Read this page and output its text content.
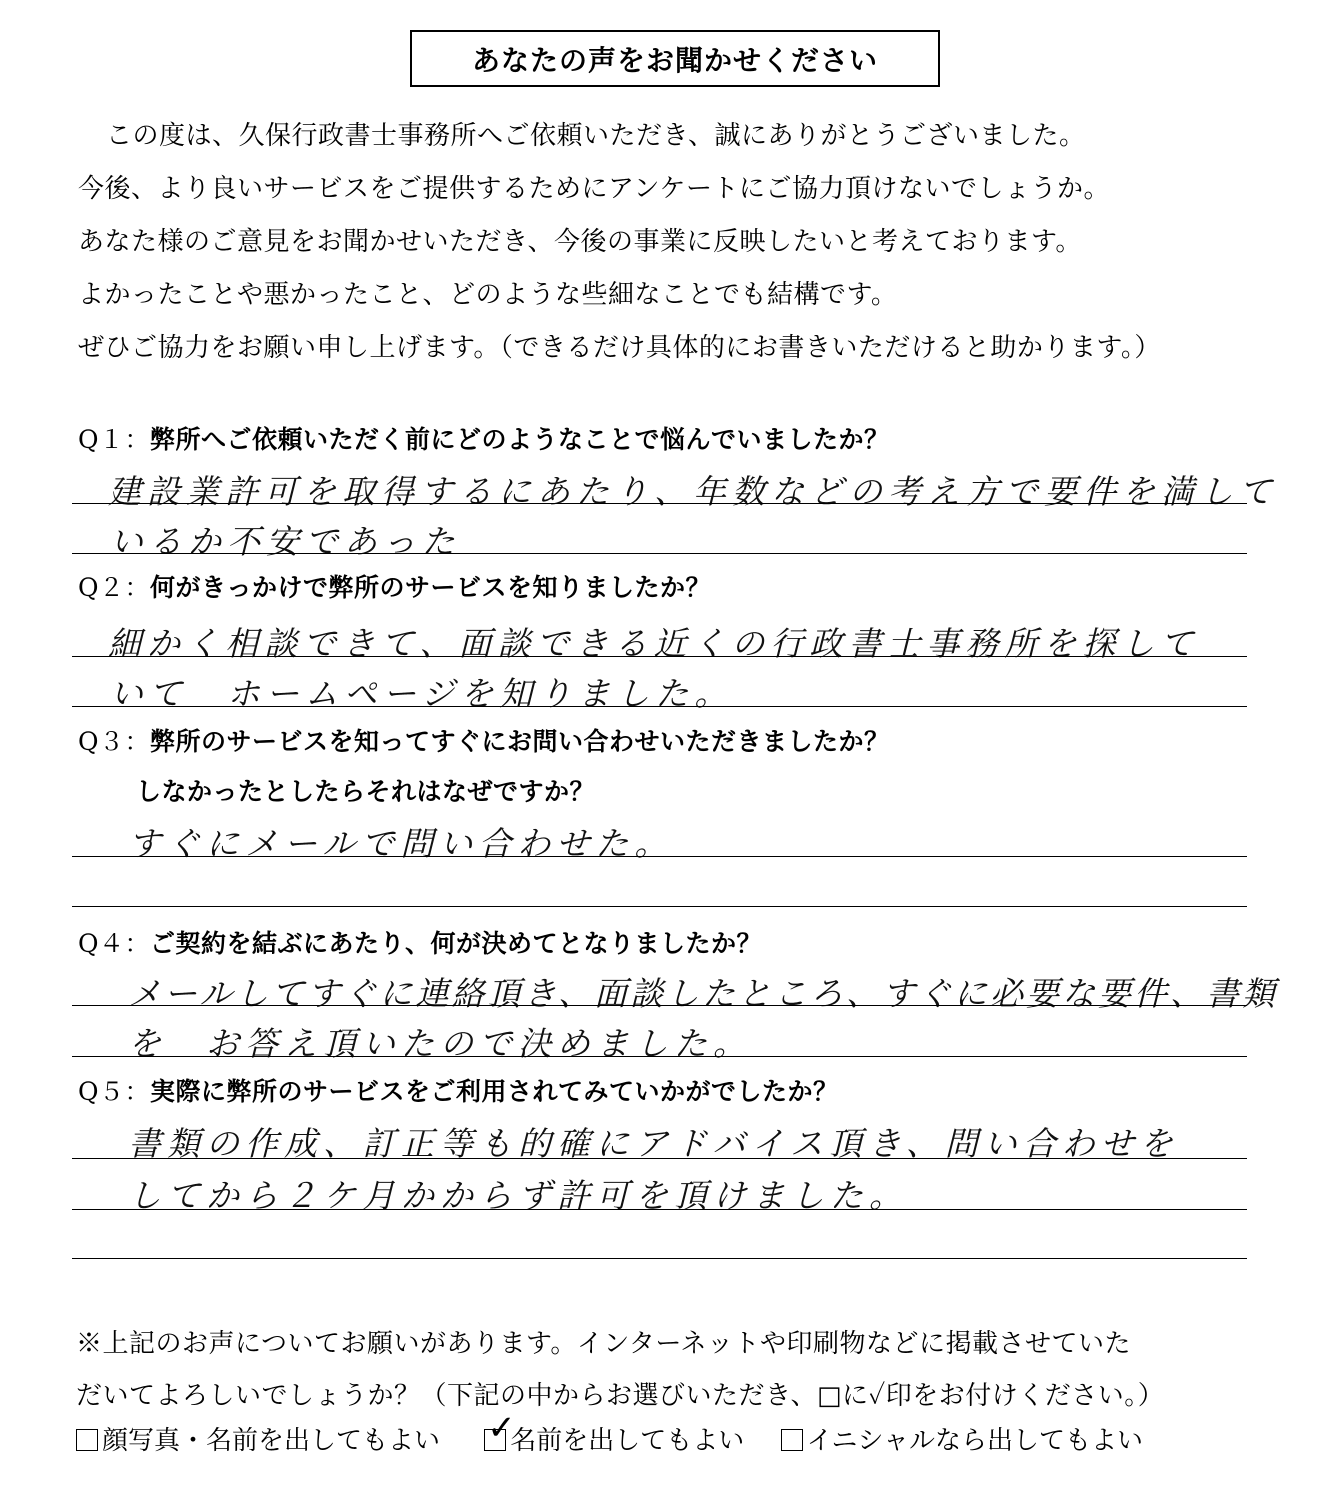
あなたの声をお聞かせください
この度は、久保行政書士事務所へご依頼いただき、誠にありがとうございました。
今後、より良いサービスをご提供するためにアンケートにご協力頂けないでしょうか。
あなた様のご意見をお聞かせいただき、今後の事業に反映したいと考えております。
よかったことや悪かったこと、どのような些細なことでも結構です。
ぜひご協力をお願い申し上げます。（できるだけ具体的にお書きいただけると助かります。）
Q１：弊所へご依頼いただく前にどのようなことで悩んでいましたか？
建設業許可を取得するにあたり、年数などの考え方で要件を満して
いるか不安であった
Q２：何がきっかけで弊所のサービスを知りましたか？
細かく相談できて、面談できる近くの行政書士事務所を探して
いて　ホームページを知りました。
Q３：弊所のサービスを知ってすぐにお問い合わせいただきましたか？
しなかったとしたらそれはなぜですか？
すぐにメールで問い合わせた。
Q４：ご契約を結ぶにあたり、何が決めてとなりましたか？
メールしてすぐに連絡頂き、面談したところ、すぐに必要な要件、書類
を　お答え頂いたので決めました。
Q５：実際に弊所のサービスをご利用されてみていかがでしたか？
書類の作成、訂正等も的確にアドバイス頂き、問い合わせを
してから２ケ月かからず許可を頂けました。
※上記のお声についてお願いがあります。インターネットや印刷物などに掲載させていた
だいてよろしいでしょうか？（下記の中からお選びいただき、□に✓印をお付けください。）
顔写真・名前を出してもよい ✓
名前を出してもよい イニシャルなら出してもよい
